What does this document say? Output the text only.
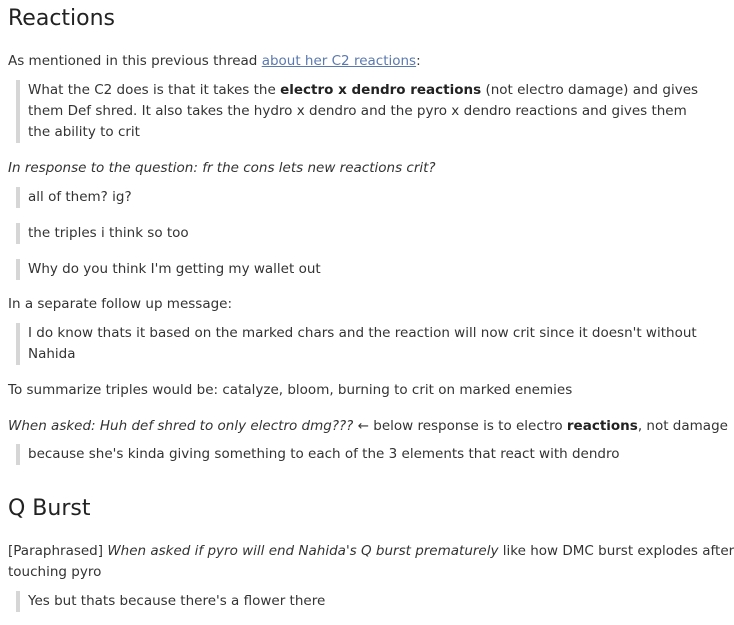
Reactions

As mentioned in this previous thread about her C2 reactions:

What the C2 does is that it takes the electro x dendro reactions (not electro damage) and gives
them Def shred. It also takes the hydro x dendro and the pyro x dendro reactions and gives them
the ability to crit

In response to the question: fr the cons lets new reactions crit?

all of them? ig?
the triples i think so too
Why do you think I'm getting my wallet out

In a separate follow up message:

I do know thats it based on the marked chars and the reaction will now crit since it doesn't without
Nahida

To summarize triples would be: catalyze, bloom, burning to crit on marked enemies

When asked: Huh def shred to only electro dmg??? ← below response is to electro reactions, not damage

because she's kinda giving something to each of the 3 elements that react with dendro
Q Burst
[Paraphrased] When asked if pyro will end Nahida's Q burst prematurely like how DMC burst explodes after
touching pyro
Yes but thats because there's a flower there
